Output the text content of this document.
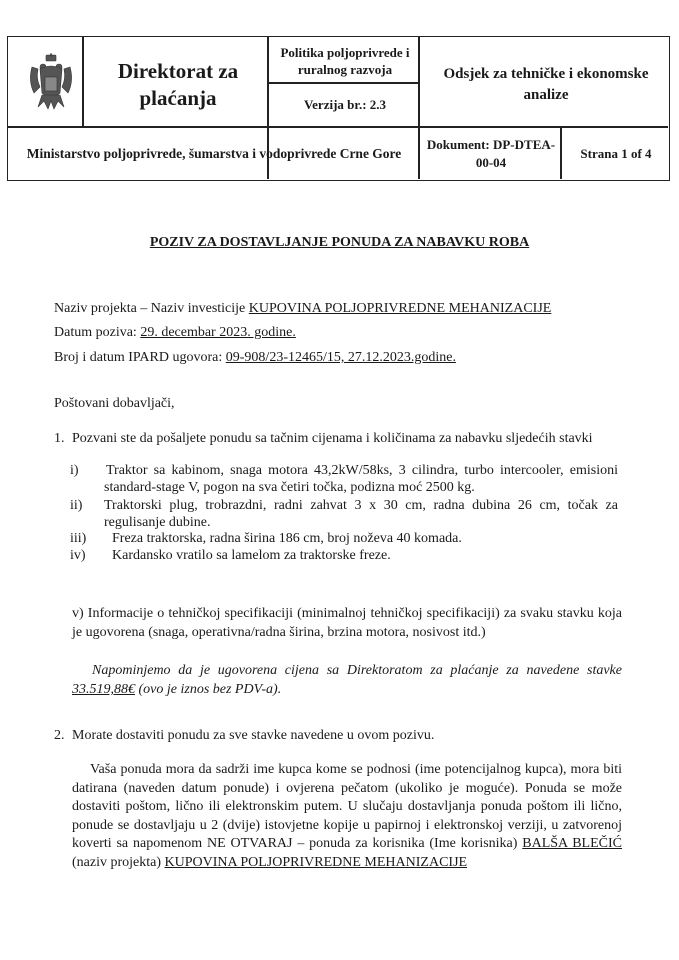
Direktorat za plaćanja
Politika poljoprivrede i ruralnog razvoja
Verzija br.: 2.3
Odsjek za tehničke i ekonomske analize
Ministarstvo poljoprivrede, šumarstva i vodoprivrede Crne Gore
Dokument: DP-DTEA-00-04
Strana 1 of 4
POZIV ZA DOSTAVLJANJE PONUDA ZA NABAVKU ROBA
Naziv projekta – Naziv investicije KUPOVINA POLJOPRIVREDNE MEHANIZACIJE
Datum poziva: 29. decembar 2023. godine.
Broj i datum IPARD ugovora: 09-908/23-12465/15, 27.12.2023.godine.
Poštovani dobavljači,
1. Pozvani ste da pošaljete ponudu sa tačnim cijenama i količinama za nabavku sljedećih stavki
i) Traktor sa kabinom, snaga motora 43,2kW/58ks, 3 cilindra, turbo intercooler, emisioni standard-stage V, pogon na sva četiri točka, podizna moć 2500 kg.
ii) Traktorski plug, trobrazdni, radni zahvat 3 x 30 cm, radna dubina 26 cm, točak za regulisanje dubine.
iii) Freza traktorska, radna širina 186 cm, broj noževa 40 komada.
iv) Kardansko vratilo sa lamelom za traktorske freze.
v) Informacije o tehničkoj specifikaciji (minimalnoj tehničkoj specifikaciji) za svaku stavku koja je ugovorena (snaga, operativna/radna širina, brzina motora, nosivost itd.)
Napominjemo da je ugovorena cijena sa Direktoratom za plaćanje za navedene stavke 33.519,88€ (ovo je iznos bez PDV-a).
2. Morate dostaviti ponudu za sve stavke navedene u ovom pozivu.
Vaša ponuda mora da sadrži ime kupca kome se podnosi (ime potencijalnog kupca), mora biti datirana (naveden datum ponude) i ovjerena pečatom (ukoliko je moguće). Ponuda se može dostaviti poštom, lično ili elektronskim putem. U slučaju dostavljanja ponuda poštom ili lično, ponude se dostavljaju u 2 (dvije) istovjetne kopije u papirnoj i elektronskoj verziji, u zatvorenoj koverti sa napomenom NE OTVARAJ – ponuda za korisnika (Ime korisnika) BALŠA BLEČIĆ (naziv projekta) KUPOVINA POLJOPRIVREDNE MEHANIZACIJE
